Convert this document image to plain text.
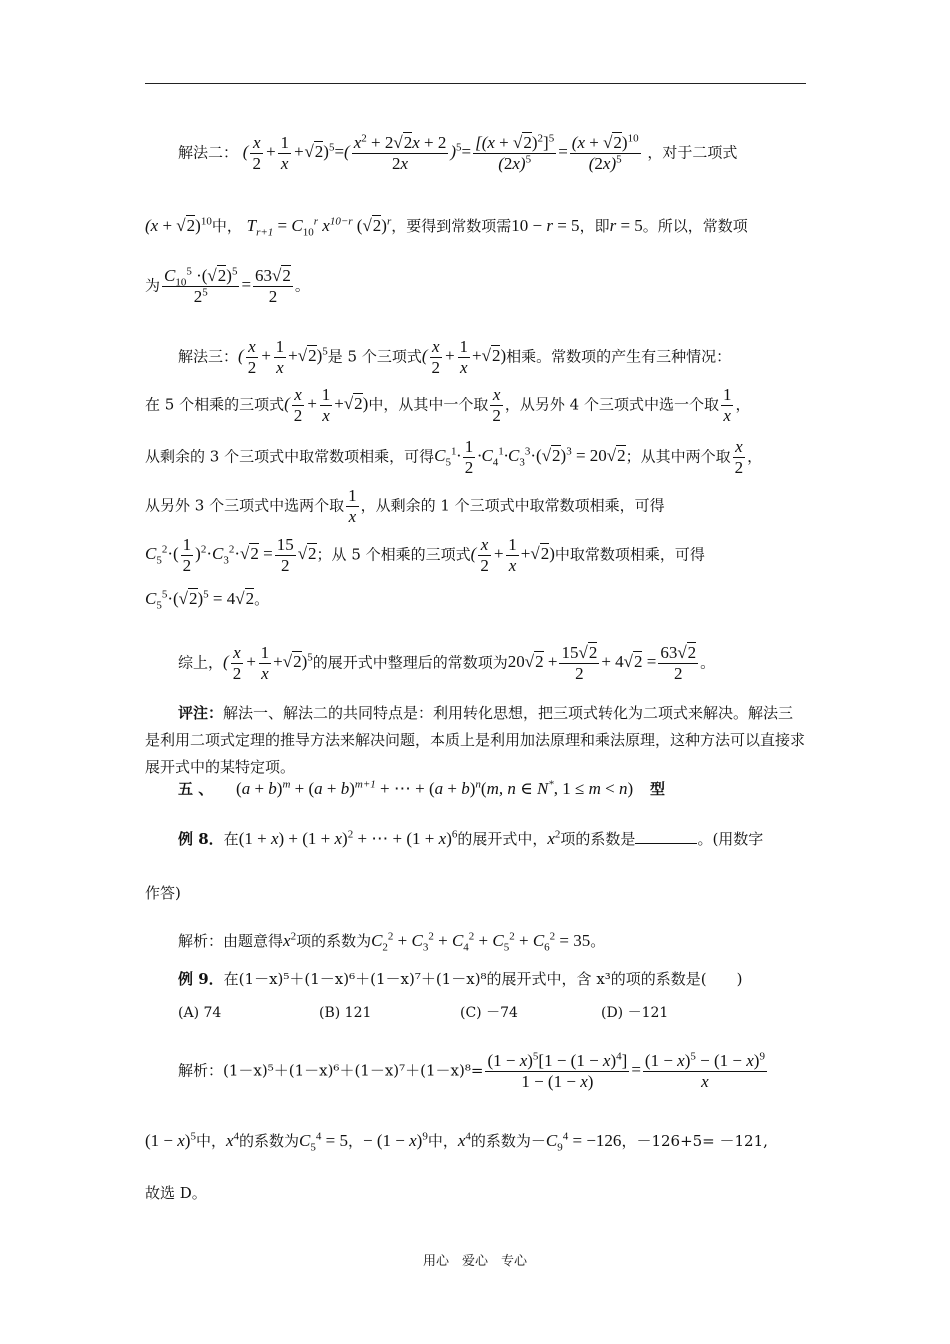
解法二： ( $\frac{x}{2} + \frac{1}{x} +√2)^5=( \frac{x^2 + 2√2x + 2}{2x} )^5= \frac{[(x + √2)^2]^5}{(2x)^5} = \frac{(x + √2)^{10}}{(2x)^5}$ ，对于二项式
$(x + √2)^{10}$中， $T_{r+1} = C_{10}^r$ $x^{10-r}$ $(√2)^r$，要得到常数项需10 − r = 5，即r = 5。所以，常数项
为 $\frac{C_{10}^5 \cdot(√2)^5}{2^5} = \frac{63√2}{2}$ 。
解法三：( $\frac{x}{2} + \frac{1}{x} +√2)^5$是 5 个三项式( $\frac{x}{2} + \frac{1}{x} +√2$)相乘。常数项的产生有三种情况：
在 5 个相乘的三项式( $\frac{x}{2} + \frac{1}{x} +√2$)中，从其中一个取 $\frac{x}{2}$ ，从另外 4 个三项式中选一个取 $\frac{1}{x}$ ，
从剩余的 3 个三项式中取常数项相乘，可得$C_5^1\cdot \frac{1}{2} \cdot C_4^1\cdot C_3^3\cdot(√2)^3 = 20√2$；从其中两个取 $\frac{x}{2}$ ，
从另外 3 个三项式中选两个取 $\frac{1}{x}$ ，从剩余的 1 个三项式中取常数项相乘，可得
$C_5^2\cdot( \frac{1}{2} )^2\cdot C_3^2\cdot√2 = \frac{15}{2} √2$；从 5 个相乘的三项式( $\frac{x}{2} + \frac{1}{x} +√2$)中取常数项相乘，可得
$C_5^5\cdot(√2)^5 = 4√2$。
综上，( $\frac{x}{2} + \frac{1}{x} +√2)^5$的展开式中整理后的常数项为$20√2 + \frac{15√2}{2} + 4√2 = \frac{63√2}{2}$ 。
评注：解法一、解法二的共同特点是：利用转化思想，把三项式转化为二项式来解决。解法三是利用二项式定理的推导方法来解决问题，本质上是利用加法原理和乘法原理，这种方法可以直接求展开式中的某特定项。
五 、 $(a + b)^m + (a + b)^{m+1}$ + ⋯ + $(a + b)^n(m$, n ∈ N*, 1 ≤ m < n) 型
例 8．在$(1 + x) + (1 + x)^2$ + ⋯ + $(1 + x)^6$的展开式中，$x^2$项的系数是	。(用数字
作答)
解析：由题意得$x^2$项的系数为$C_2^2 + C_3^2 + C_4^2 + C_5^2 + C_6^2 = 35$。
例 9．在(1－x)⁵＋(1－x)⁶＋(1－x)⁷＋(1－x)⁸的展开式中，含 x³的项的系数是(　　)
(A) 74	(B) 121	(C) －74	(D) －121
解析：$(1-x)^5+(1-x)^6+(1-x)^7+(1-x)^8= \frac{(1 - x)^5[1 - (1 - x)^4]}{1 - (1 - x)} = \frac{(1 - x)^5 - (1 - x)^9}{x}$
$(1 - x)^5$中，$x^4$的系数为$C_5^4 = 5$，− $(1 - x)^9$中，$x^4$的系数为$-C_9^4 = -126$，－126+5= －121,
故选 D。
用心　爱心　专心
